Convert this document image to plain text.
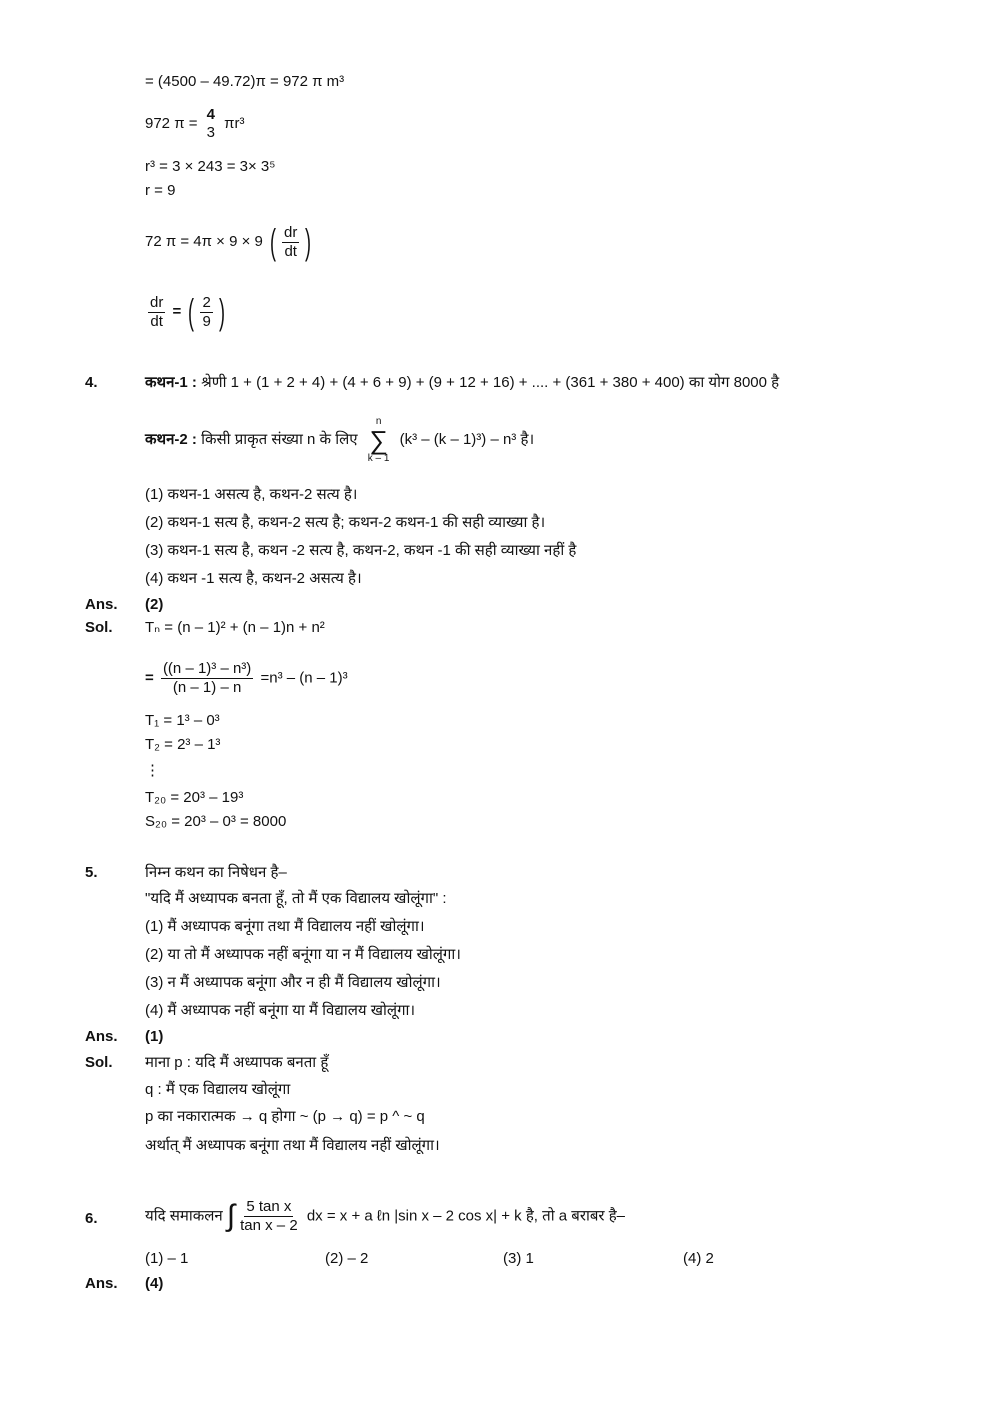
= (4500 – 49.72)π = 972 π m³
972 π =
4
3
πr³
r³ = 3 × 243 = 3× 3⁵
r = 9
72 π = 4π × 9 × 9 ( $\frac{dr}{dt}$ )
$\frac{dr}{dt}$ = ( $\frac{2}{9}$ )
4.	कथन-1 : श्रेणी 1 + (1 + 2 + 4) + (4 + 6 + 9) + (9 + 12 + 16) + .... + (361 + 380 + 400) का योग 8000 है
कथन-2 : किसी प्राकृत संख्या n के लिए
n
∑
k – 1
(k³ – (k – 1)³) – n³ है।
(1) कथन-1 असत्य है, कथन-2 सत्य है।
(2) कथन-1 सत्य है, कथन-2 सत्य है; कथन-2 कथन-1 की सही व्याख्या है।
(3) कथन-1 सत्य है, कथन -2 सत्य है, कथन-2, कथन -1 की सही व्याख्या नहीं है
(4) कथन -1 सत्य है, कथन-2 असत्य है।
Ans. (2)
Sol. Tₙ = (n – 1)² + (n – 1)n + n²
= $\frac{\text{((n – 1)³ – n³)}}{(n - 1) - n} =n^3 - (n - 1)^3$
T₁ = 1³ – 0³
T₂ = 2³ – 1³
⋮
T₂₀ = 20³ – 19³
S₂₀ = 20³ – 0³ = 8000
5.	निम्न कथन का निषेधन है–
"यदि मैं अध्यापक बनता हूँ, तो मैं एक विद्यालय खोलूंगा" :
(1) मैं अध्यापक बनूंगा तथा मैं विद्यालय नहीं खोलूंगा।
(2) या तो मैं अध्यापक नहीं बनूंगा या न मैं विद्यालय खोलूंगा।
(3) न मैं अध्यापक बनूंगा और न ही मैं विद्यालय खोलूंगा।
(4) मैं अध्यापक नहीं बनूंगा या मैं विद्यालय खोलूंगा।
Ans. (1)
Sol. माना p : यदि मैं अध्यापक बनता हूँ
q : मैं एक विद्यालय खोलूंगा
p का नकारात्मक → q होगा ~ (p → q) = p ^ ~ q
अर्थात् मैं अध्यापक बनूंगा तथा मैं विद्यालय नहीं खोलूंगा।
6.	यदि समाकलन ∫ $\frac{\text{5 tan x}}{\text{tan x – 2}}$ dx = x + a ℓn |sin x – 2 cos x| + k है, तो a बराबर है–
(1) – 1	(2) – 2	(3) 1	(4) 2
Ans. (4)
